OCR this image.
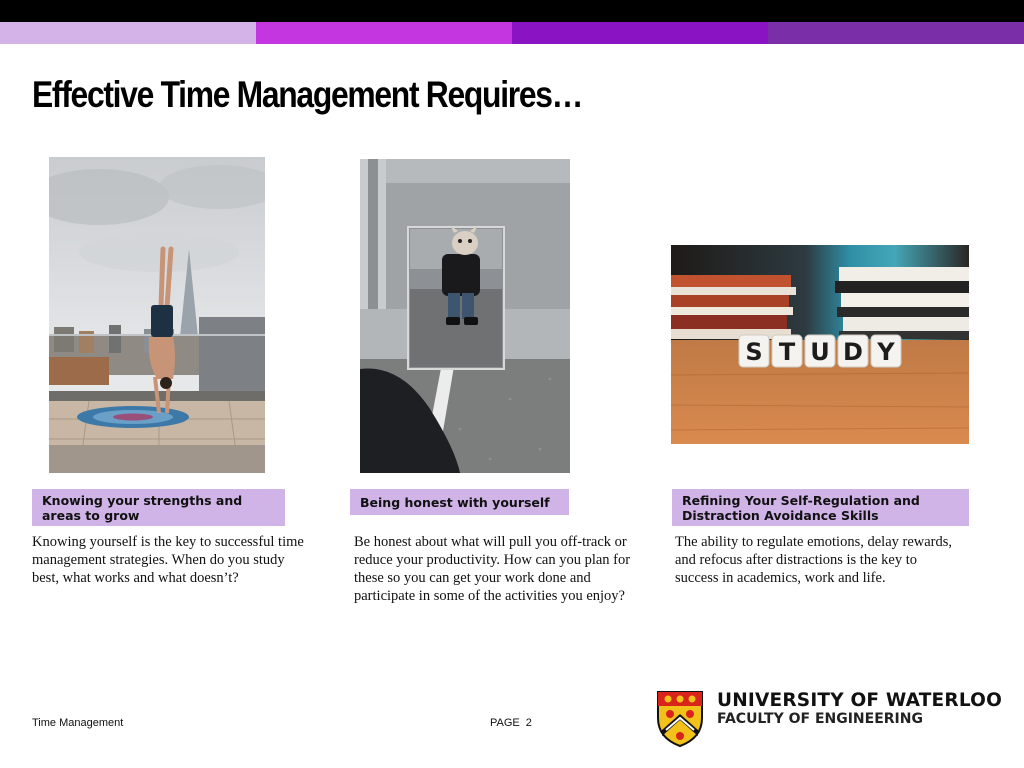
Effective Time Management Requires…
S T U D Y
Knowing your strengths and areas to grow
Being honest with yourself	Refining Your Self-Regulation and Distraction Avoidance Skills
Knowing yourself is the key to successful time management strategies. When do you study best, what works and what doesn’t?
Be honest about what will pull you off-track or reduce your productivity. How can you plan for these so you can get your work done and participate in some of the activities you enjoy?
The ability to regulate emotions, delay rewards, and refocus after distractions is the key to success in academics, work and life.
Time Management	PAGE 2
UNIVERSITY OF WATERLOO
FACULTY OF ENGINEERING
